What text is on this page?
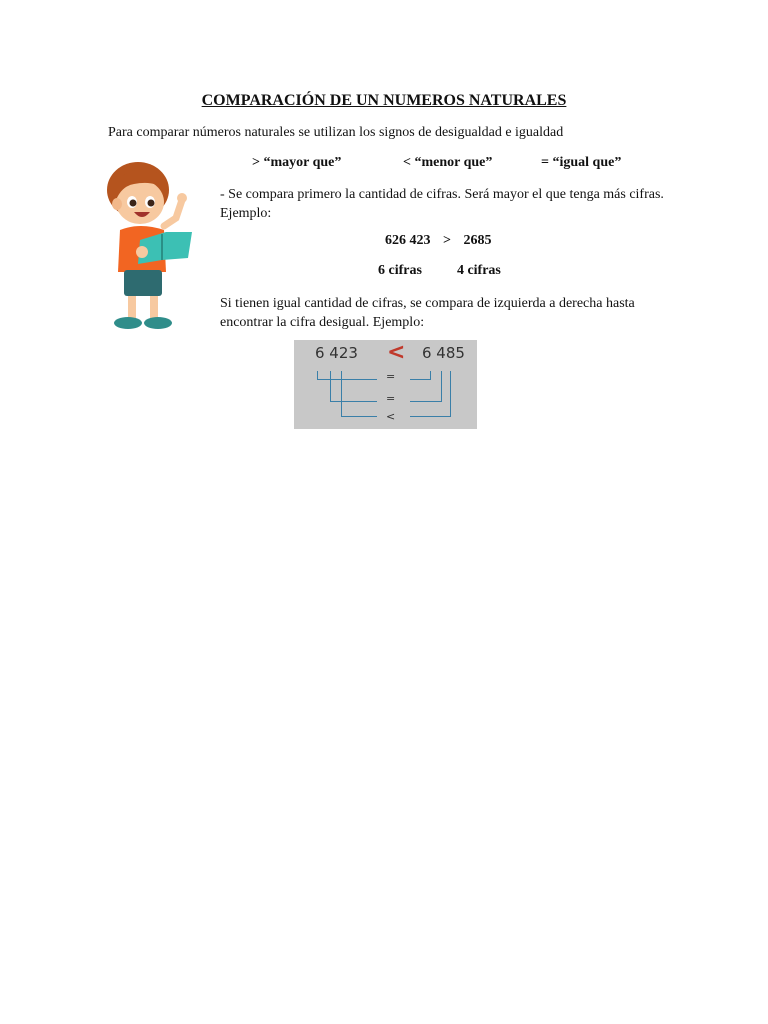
COMPARACIÓN DE UN NUMEROS NATURALES
Para comparar números naturales se utilizan los signos de desigualdad e igualdad
> “mayor que”	< “menor que”	= “igual que”
- Se compara primero la cantidad de cifras. Será mayor el que tenga más cifras. Ejemplo:
626 423 > 2685
6 cifras	4 cifras
Si tienen igual cantidad de cifras, se compara de izquierda a derecha hasta encontrar la cifra desigual. Ejemplo:
6 423 < 6 485
=
=
<
